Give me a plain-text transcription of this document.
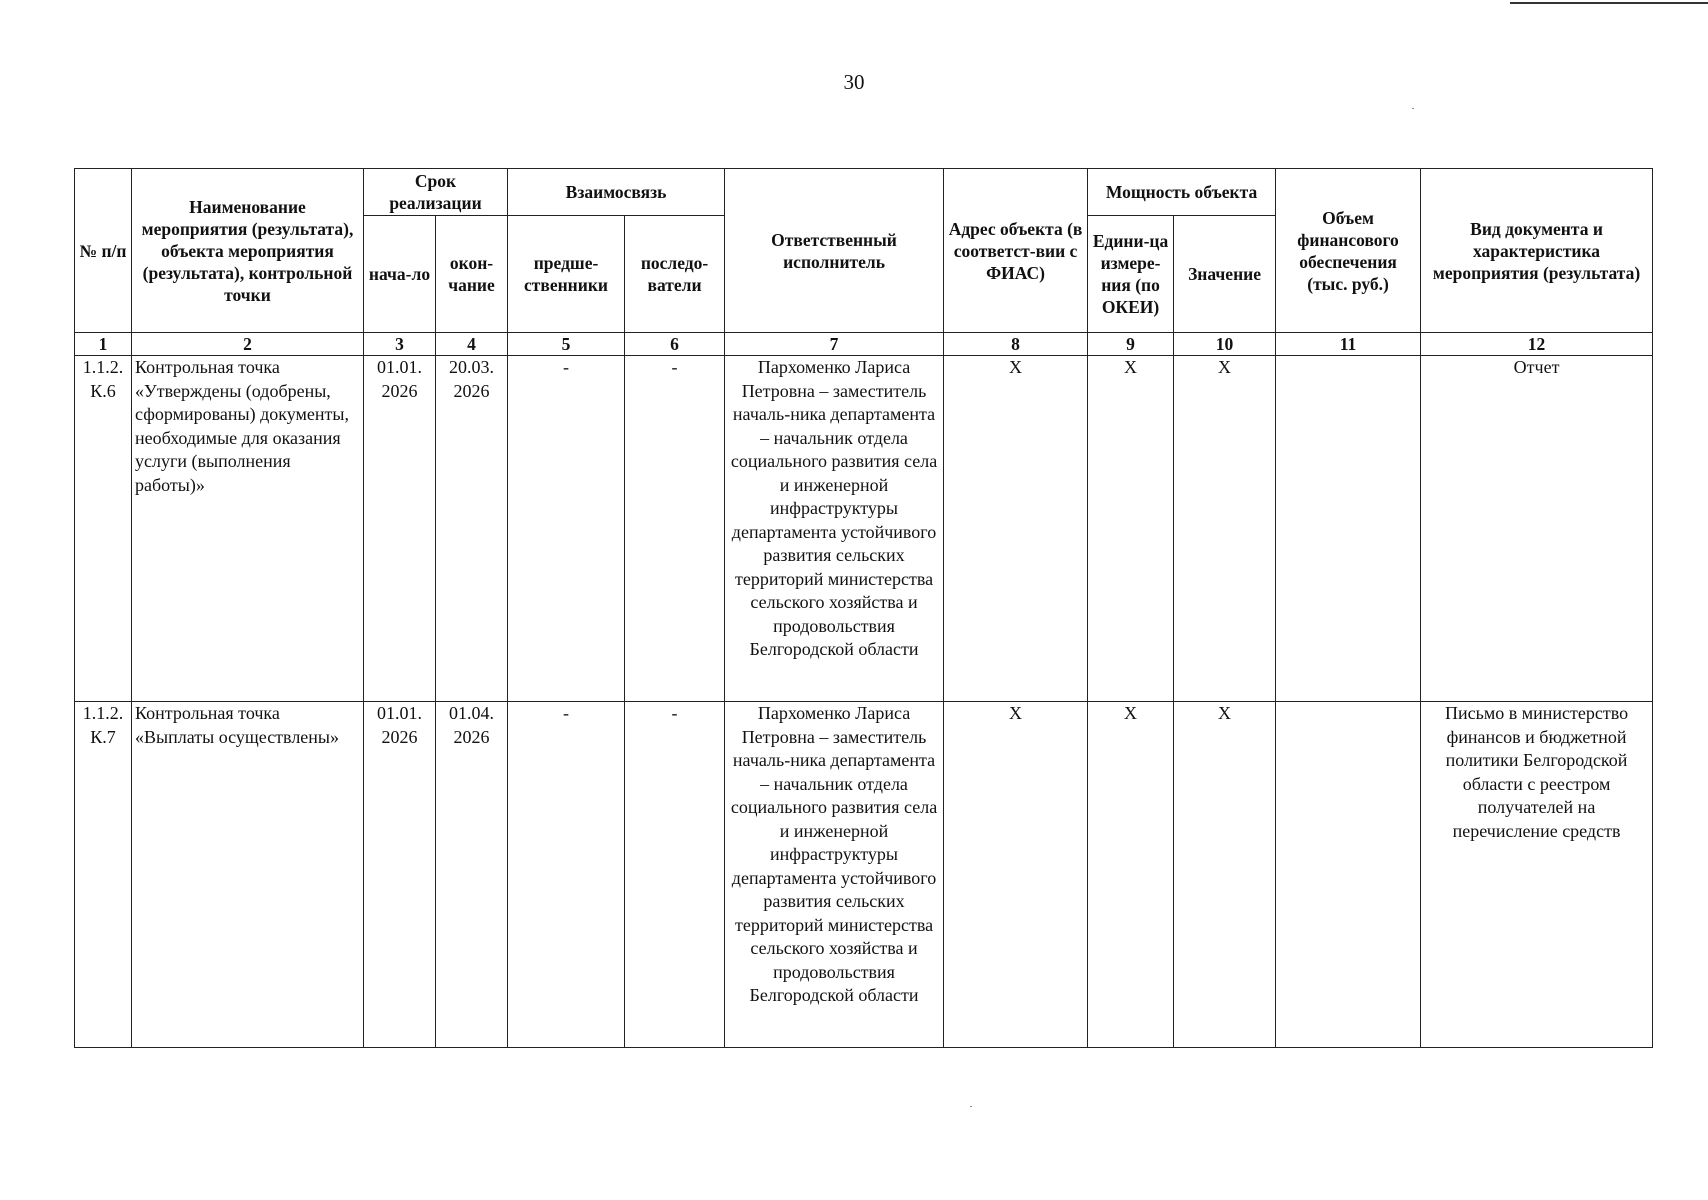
30
№ п/п	Наименование мероприятия (результата), объекта мероприятия (результата), контрольной точки	Срок реализации		Взаимосвязь		Ответственный исполнитель	Адрес объекта (в соответст-вии с ФИАС)	Мощность объекта		Объем финансового обеспечения (тыс. руб.)	Вид документа и характеристика мероприятия (результата)
		нача-ло	окон-чание	предше-ственники	последо-ватели			Едини-ца измере-ния (по ОКЕИ)	Значение		
1	2	3	4	5	6	7	8	9	10	11	12
1.1.2. К.6	Контрольная точка «Утверждены (одобрены, сформированы) документы, необходимые для оказания услуги (выполнения работы)»	01.01. 2026	20.03. 2026	-	-	Пархоменко Лариса Петровна – заместитель началь-ника департамента – начальник отдела социального развития села и инженерной инфраструктуры департамента устойчивого развития сельских территорий министерства сельского хозяйства и продовольствия Белгородской области	X	X	X		Отчет
1.1.2. К.7	Контрольная точка «Выплаты осуществлены»	01.01. 2026	01.04. 2026	-	-	Пархоменко Лариса Петровна – заместитель началь-ника департамента – начальник отдела социального развития села и инженерной инфраструктуры департамента устойчивого развития сельских территорий министерства сельского хозяйства и продовольствия Белгородской области	X	X	X		Письмо в министерство финансов и бюджетной политики Белгородской области с реестром получателей на перечисление средств
